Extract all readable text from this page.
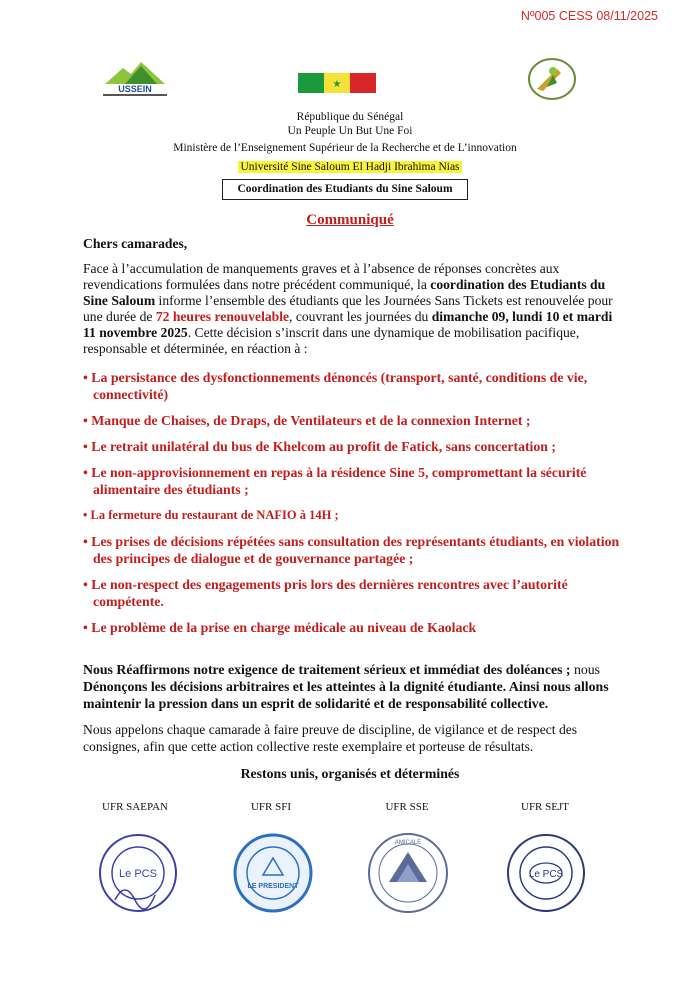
Nº005 CESS 08/11/2025
USSEIN	★
République du Sénégal
Un Peuple Un But Une Foi
Ministère de l’Enseignement Supérieur de la Recherche et de L’innovation
Université Sine Saloum El Hadji Ibrahima Nias
Coordination des Etudiants du Sine Saloum
Communiqué
Chers camarades,
Face à l’accumulation de manquements graves et à l’absence de réponses concrètes aux revendications formulées dans notre précédent communiqué, la coordination des Etudiants du Sine Saloum informe l’ensemble des étudiants que les Journées Sans Tickets est renouvelée pour une durée de 72 heures renouvelable, couvrant les journées du dimanche 09, lundi 10 et mardi 11 novembre 2025. Cette décision s’inscrit dans une dynamique de mobilisation pacifique, responsable et déterminée, en réaction à :
• La persistance des dysfonctionnements dénoncés (transport, santé, conditions de vie, connectivité)
• Manque de Chaises, de Draps, de Ventilateurs et de la connexion Internet ;
• Le retrait unilatéral du bus de Khelcom au profit de Fatick, sans concertation ;
• Le non-approvisionnement en repas à la résidence Sine 5, compromettant la sécurité alimentaire des étudiants ;
• La fermeture du restaurant de NAFIO à 14H ;
• Les prises de décisions répétées sans consultation des représentants étudiants, en violation des principes de dialogue et de gouvernance partagée ;
• Le non-respect des engagements pris lors des dernières rencontres avec l’autorité compétente.
• Le problème de la prise en charge médicale au niveau de Kaolack
Nous Réaffirmons notre exigence de traitement sérieux et immédiat des doléances ; nous Dénonçons les décisions arbitraires et les atteintes à la dignité étudiante. Ainsi nous allons maintenir la pression dans un esprit de solidarité et de responsabilité collective.
Nous appelons chaque camarade à faire preuve de discipline, de vigilance et de respect des consignes, afin que cette action collective reste exemplaire et porteuse de résultats.
Restons unis, organisés et déterminés
UFR SAEPAN	UFR SFI	UFR SSE	UFR SEJT
Le PCS
LE PRESIDENT
AMICALE
Le PCS
